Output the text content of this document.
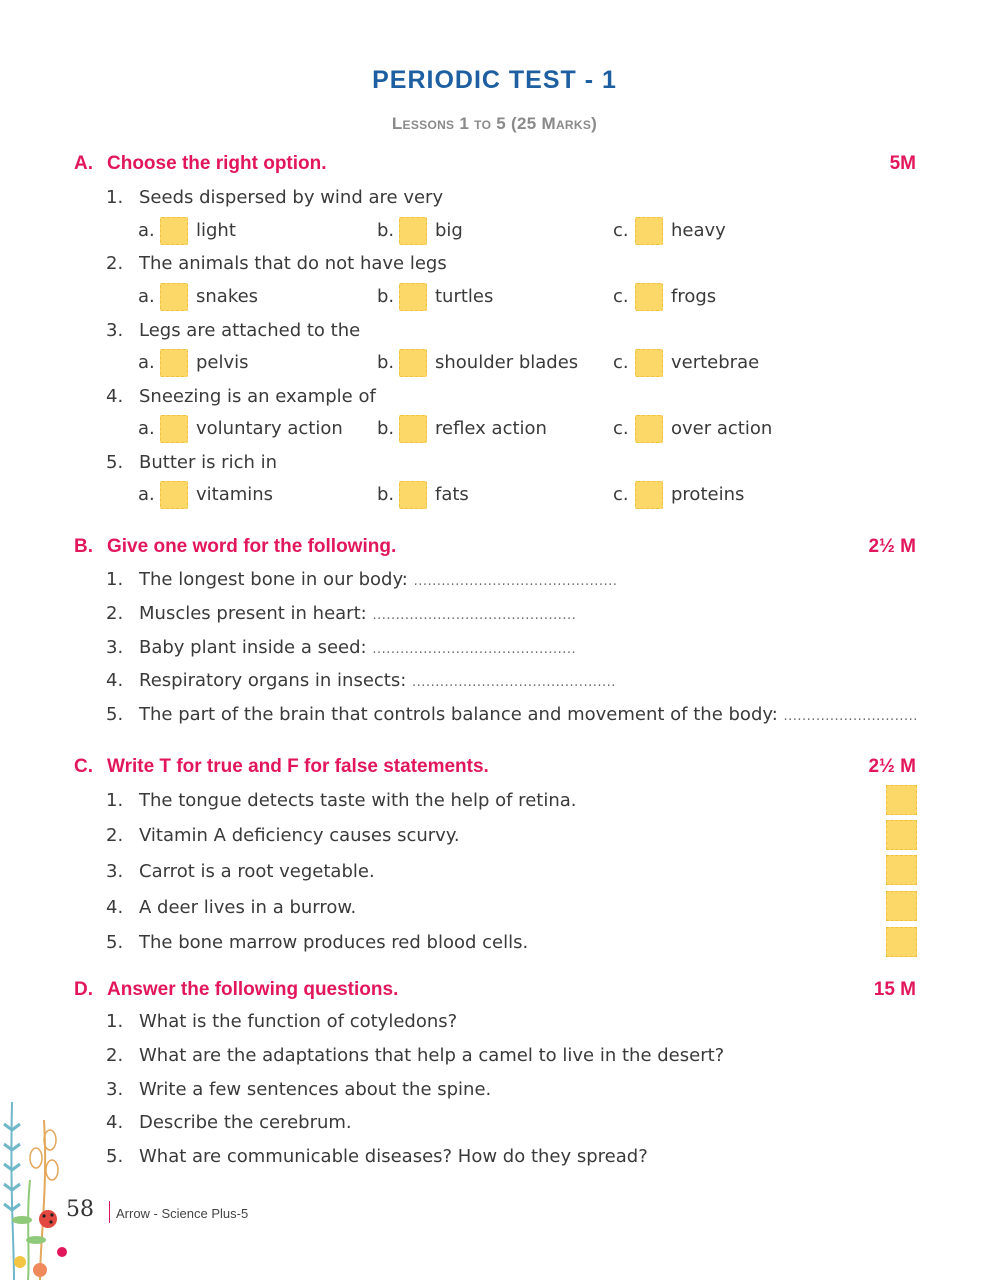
PERIODIC TEST - 1
Lessons 1 to 5 (25 Marks)
A. Choose the right option.	5M
1. Seeds dispersed by wind are very
a. light	b. big	c. heavy
2. The animals that do not have legs
a. snakes	b. turtles	c. frogs
3. Legs are attached to the
a. pelvis	b. shoulder blades c. vertebrae
4. Sneezing is an example of
a. voluntary action b. reflex action	c. over action
5. Butter is rich in
a. vitamins	b. fats	c. proteins
B. Give one word for the following.	2½ M
1. The longest bone in our body: ............................................
2. Muscles present in heart: ............................................
3. Baby plant inside a seed: ............................................
4. Respiratory organs in insects: ............................................
5. The part of the brain that controls balance and movement of the body: .............................
C. Write T for true and F for false statements.	2½ M
1. The tongue detects taste with the help of retina.
2. Vitamin A deficiency causes scurvy.
3. Carrot is a root vegetable.
4. A deer lives in a burrow.
5. The bone marrow produces red blood cells.
D. Answer the following questions.	15 M
1. What is the function of cotyledons?
2. What are the adaptations that help a camel to live in the desert?
3. Write a few sentences about the spine.
4. Describe the cerebrum.
5. What are communicable diseases? How do they spread?
58 Arrow - Science Plus-5
